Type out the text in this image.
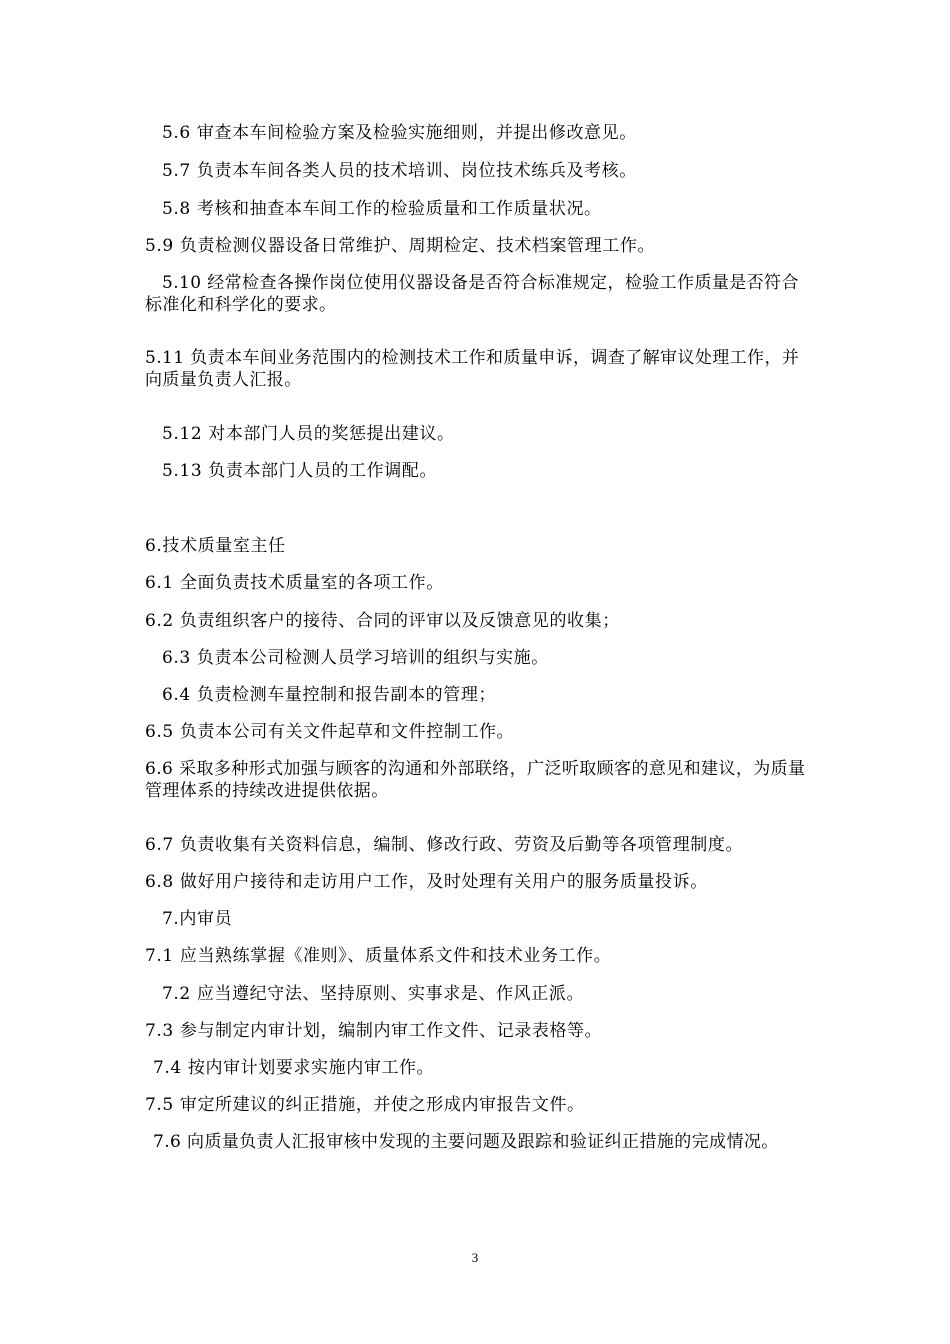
5.6 审查本车间检验方案及检验实施细则，并提出修改意见。
5.7 负责本车间各类人员的技术培训、岗位技术练兵及考核。
5.8 考核和抽查本车间工作的检验质量和工作质量状况。
5.9 负责检测仪器设备日常维护、周期检定、技术档案管理工作。
5.10 经常检查各操作岗位使用仪器设备是否符合标准规定，检验工作质量是否符合标准化和科学化的要求。
5.11 负责本车间业务范围内的检测技术工作和质量申诉，调查了解审议处理工作，并向质量负责人汇报。
5.12 对本部门人员的奖惩提出建议。
5.13 负责本部门人员的工作调配。
6.技术质量室主任
6.1 全面负责技术质量室的各项工作。
6.2 负责组织客户的接待、合同的评审以及反馈意见的收集；
6.3 负责本公司检测人员学习培训的组织与实施。
6.4 负责检测车量控制和报告副本的管理；
6.5 负责本公司有关文件起草和文件控制工作。
6.6 采取多种形式加强与顾客的沟通和外部联络，广泛听取顾客的意见和建议，为质量管理体系的持续改进提供依据。
6.7 负责收集有关资料信息，编制、修改行政、劳资及后勤等各项管理制度。
6.8 做好用户接待和走访用户工作，及时处理有关用户的服务质量投诉。
7.内审员
7.1 应当熟练掌握《准则》、质量体系文件和技术业务工作。
7.2 应当遵纪守法、坚持原则、实事求是、作风正派。
7.3 参与制定内审计划，编制内审工作文件、记录表格等。
7.4 按内审计划要求实施内审工作。
7.5 审定所建议的纠正措施，并使之形成内审报告文件。
7.6 向质量负责人汇报审核中发现的主要问题及跟踪和验证纠正措施的完成情况。
3
